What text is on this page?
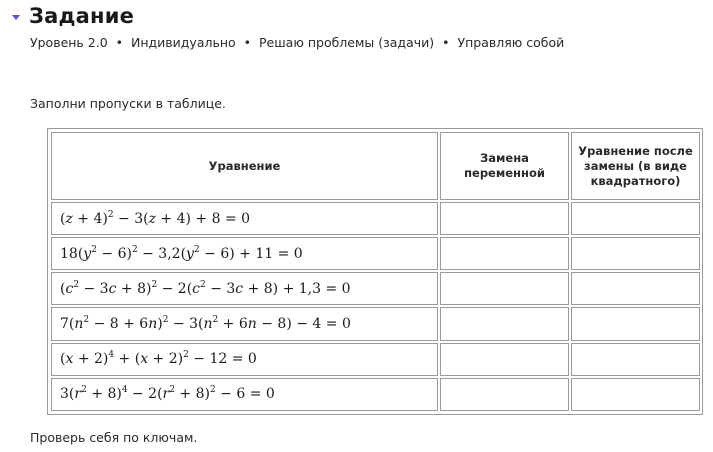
Задание
Уровень 2.0 • Индивидуально • Решаю проблемы (задачи) • Управляю собой
Заполни пропуски в таблице.
Уравнение	Замена переменной	Уравнение после замены (в виде квадратного)
$(z + 4)^2 - 3(z + 4) + 8 = 0$		
$18(y^2 - 6)^2 - 3,2(y^2 - 6) + 11 = 0$		
$(c^2 - 3c + 8)^2 - 2(c^2 - 3c + 8) + 1,3 = 0$		
$7(n^2 - 8 + 6n)^2 - 3(n^2 + 6n - 8) - 4 = 0$		
$(x + 2)^4 + (x + 2)^2 - 12 = 0$		
$3(r^2 + 8)^4 - 2(r^2 + 8)^2 - 6 = 0$		
Проверь себя по ключам.
